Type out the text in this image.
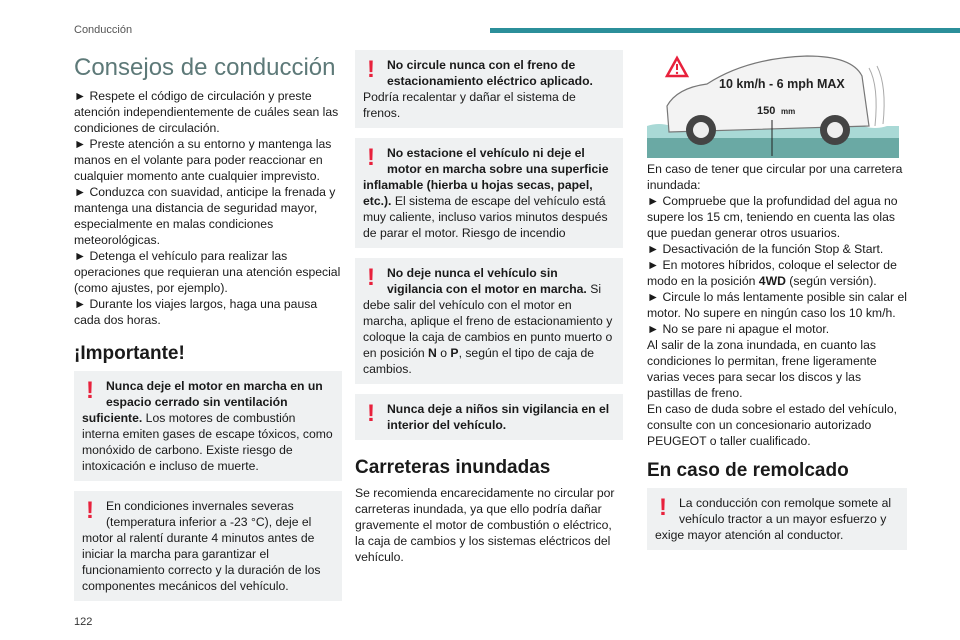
Conducción
Consejos de conducción

► Respete el código de circulación y preste atención independientemente de cuáles sean las condiciones de circulación.

► Preste atención a su entorno y mantenga las manos en el volante para poder reaccionar en cualquier momento ante cualquier imprevisto.

► Conduzca con suavidad, anticipe la frenada y mantenga una distancia de seguridad mayor, especialmente en malas condiciones meteorológicas.

► Detenga el vehículo para realizar las operaciones que requieran una atención especial (como ajustes, por ejemplo).

► Durante los viajes largos, haga una pausa cada dos horas.

¡Importante!
! Nunca deje el motor en marcha en un espacio cerrado sin ventilación suficiente. Los motores de combustión interna emiten gases de escape tóxicos, como monóxido de carbono. Existe riesgo de intoxicación e incluso de muerte.

! En condiciones invernales severas (temperatura inferior a -23 °C), deje el motor al ralentí durante 4 minutos antes de iniciar la marcha para garantizar el funcionamiento correcto y la duración de los componentes mecánicos del vehículo.

! No circule nunca con el freno de estacionamiento eléctrico aplicado. Podría recalentar y dañar el sistema de frenos.

! No estacione el vehículo ni deje el motor en marcha sobre una superficie inflamable (hierba u hojas secas, papel, etc.). El sistema de escape del vehículo está muy caliente, incluso varios minutos después de parar el motor. Riesgo de incendio

! No deje nunca el vehículo sin vigilancia con el motor en marcha. Si debe salir del vehículo con el motor en marcha, aplique el freno de estacionamiento y coloque la caja de cambios en punto muerto o en posición N o P, según el tipo de caja de cambios.

! Nunca deje a niños sin vigilancia en el interior del vehículo.

Carreteras inundadas

Se recomienda encarecidamente no circular por carreteras inundada, ya que ello podría dañar gravemente el motor de combustión o eléctrico, la caja de cambios y los sistemas eléctricos del vehículo.

10 km/h - 6 mph MAX
150 mm

En caso de tener que circular por una carretera inundada:

► Compruebe que la profundidad del agua no supere los 15 cm, teniendo en cuenta las olas que puedan generar otros usuarios.

► Desactivación de la función Stop & Start.

► En motores híbridos, coloque el selector de modo en la posición 4WD (según versión).

► Circule lo más lentamente posible sin calar el motor. No supere en ningún caso los 10 km/h.

► No se pare ni apague el motor.

Al salir de la zona inundada, en cuanto las condiciones lo permitan, frene ligeramente varias veces para secar los discos y las pastillas de freno.

En caso de duda sobre el estado del vehículo, consulte con un concesionario autorizado PEUGEOT o taller cualificado.

En caso de remolcado
! La conducción con remolque somete al vehículo tractor a un mayor esfuerzo y exige mayor atención al conductor.

122
